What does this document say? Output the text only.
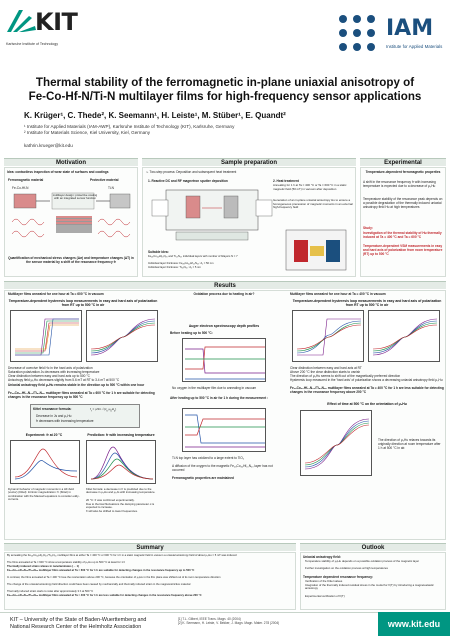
KIT
Karlsruhe Institute of Technology
IAM
Institute for Applied Materials
Thermal stability of the ferromagnetic in-plane uniaxial anisotropy of
Fe-Co-Hf-N/Ti-N multilayer films for high-frequency sensor applications
K. Krüger¹, C. Thede², K. Seemann¹, H. Leiste¹, M. Stüber¹, E. Quandt²
¹ Institute for Applied Materials (IAM-AWP), Karlsruhe Institute of Technology (KIT), Karlsruhe, Germany
² Institute for Materials Science, Kiel University, Kiel, Germany
kathrin.krueger@kit.edu
Motivation	Sample preparation	Experimental
Idea: contactless inspection of wear state of surfaces and coatings
Ferromagnetic material	Protective material
Fe-Co-Hf-N	Ti-N
multilayer design: protective coating with an integrated sensor function
Quantification of mechanical stress changes (Δσ) and temperature changes (ΔT) in the sensor material by a shift of the resonance frequency fr
➢ Two-step process: Deposition and subsequent heat treatment
1. Reactive DC and RF magnetron sputter deposition	2. Heat treatment
Annealing for 1 h at Ta = 400 °C or Ta = 600 °C in a static magnetic field (50 mT) in vacuum after deposition
Generation of an in-plane uniaxial anisotropy Hu to ensure a homogeneous precession of magnetic moments in an external high-frequency field
Suitable idea:
Fe₂₈Co₄₂Hf₁₀N₂₀ and Ti₅₀N₅₀ individual layers with number of bilayers N = 7
Individual layer thickness: Fe₂₈Co₄₂Hf₁₀N₂₀: d₁ = 50 nm
Individual layer thickness: Ti₅₀N₅₀: d₂ = 5 nm
Temperature-dependent ferromagnetic properties
A shift in the resonance frequency fr with increasing temperature is expected due to a decrease of μ₀Hu
Temperature stability of the resonance peak depends on a possible degradation of the thermally induced uniaxial anisotropy field Hu at high temperatures
Study:
Investigation of the thermal stability of Hu thermally induced at Ta = 400 °C and Ta = 600 °C
Temperature-dependent VSM measurements in easy and hard axis of polarization from room temperature (RT) up to 500 °C
Results
Multilayer films annealed for one hour at Ta = 600 °C in vacuum
Temperature-dependent hysteresis loop measurements in easy and hard axis of polarization from RT up to 500 °C in air
Decrease of coercive field Hc in the hard axis of polarization
Saturation polarization Js decreases with increasing temperature
Clear distinction between easy and hard axis up to 500 °C
Anisotropy field μ₀Hu decreases slightly from 5.6 mT at RT to 3.4 mT at 500 °C
Uniaxial anisotropy field μ₀Hu remains stable in the direction up to 500 °C within one hour
Fe₂₈Co₄₂Hf₁₀N₂₀/Ti₅₀N₅₀ multilayer films annealed at Ta = 600 °C for 1 h are suitable for detecting changes in the resonance frequency up to 500 °C
Kittel resonance formula:	$f_r = \gamma/2\pi\cdot√(J_s\cdot\mu_0H_u)$
Decrease in Js and μ₀Hu
fr decreases with increasing temperature
Experiment: fr at 20 °C	Prediction: fr with increasing temperature
Dynamic behavior of magnetic moments in a HF-field (vector) (Kittel): Intrinsic magnetization: fr (Kittel) in combination with the Maxwell equations to consider eddy-currents.
Kittel formula: a decrease in fr is predicted due to the decrease in μ₀Hu and μ₀Js with increasing temperature.
20 °C: fr was confirmed experimentally.
Due to thermal fluctuations the damping parameter α is expected to increase.
fr will also be shifted to lower frequencies.
Oxidation process due to heating in air?
Auger electron spectroscopy depth profiles
Before heating up to 500 °C:
No oxygen in the multilayer film due to annealing in vacuum
After heating up to 500 °C in air for 1 h during the measurement :
Ti-N top layer has oxidized to a large extent to TiO₂
A diffusion of the oxygen to the magnetic Fe₂₈Co₄₂Hf₁₀N₂₀ layer has not occurred
Ferromagnetic properties are maintained
Multilayer films annealed for one hour at Ta = 400 °C in vacuum
Temperature-dependent hysteresis loop measurements in easy and hard axis of polarization from RT up to 500 °C in air
Clear distinction between easy and hard axis at RT
Above 200 °C the clear distinction starts to vanish
The direction of μ₀Hu seems to shift out of the magnetically preferred direction
Hysteresis loop measured in the 'hard axis' of polarization shows a decreasing uniaxial anisotropy field μ₀Hu
Fe₂₈Co₄₂Hf₁₀N₂₀/Ti₅₀N₅₀ multilayer films annealed at Ta = 400 °C for 1 h are less suitable for detecting changes in the resonance frequency above 200 °C
Effect of time at 500 °C on the orientation of μ₀Hu
The direction of μ₀Hu relaxes towards its originally direction at room temperature after 1 h at 500 °C in air.
Summary	Outlook
By annealing the Fe₂₈Co₄₂Hf₁₀N₂₀/Ti₅₀N₅₀ multilayer films at either Ta = 400 °C or 600 °C for 1 h in a static magnetic field in vacuum a uniaxial anisotropy field of about μ₀Hu = 5 mT was induced
The films annealed at Ta = 600 °C show a temperature stability of μ₀Hu up to 500 °C at least for 1 h
Thermally induced strain relaxes in nanolaminates (→ 1)
Fe₂₈Co₄₂Hf₁₀N₂₀/Ti₅₀N₅₀ multilayer films annealed at Ta = 600 °C for 1 h are suitable for detecting changes in the resonance frequency up to 500 °C
In contrast, the films annealed at Ta = 400 °C lose the reorientation above 200 °C, because the orientation of μ₀Hu in the film plane was shifted out of its room temperature direction
The change of the uniaxial anisotropy field direction could have been caused by mechanically and thermally induced strain in the magnetostrictive material
Thermally induced strain starts to relax after approximately 3 h at 500 °C
Fe₂₈Co₄₂Hf₁₀N₂₀/Ti₅₀N₅₀ multilayer films annealed at Ta = 400 °C for 1 h are less suitable for detecting changes in the resonance frequency above 200 °C
Uniaxial anisotropy field:
Temperature stability of μ₀Hu depends on a possible oxidation process of the magnetic layer
Further investigation on the oxidation process at high temperatures
Temperature dependent resonance frequency:
Verification of the Kittel values
Integration of the thermally induced residual stress in the model for fr(T) by introducing a magnetoelastic anisotropy
Experimental verification of fr(T)
KIT – University of the State of Baden-Wuerttemberg and
National Research Center of the Helmholtz Association
[1] T.L. Gilbert, IEEE Trans. Magn. 40 (2004)
[2] K. Seemann, H. Leiste, V. Bekker, J. Magn. Magn. Mater. 278 (2004)	www.kit.edu
